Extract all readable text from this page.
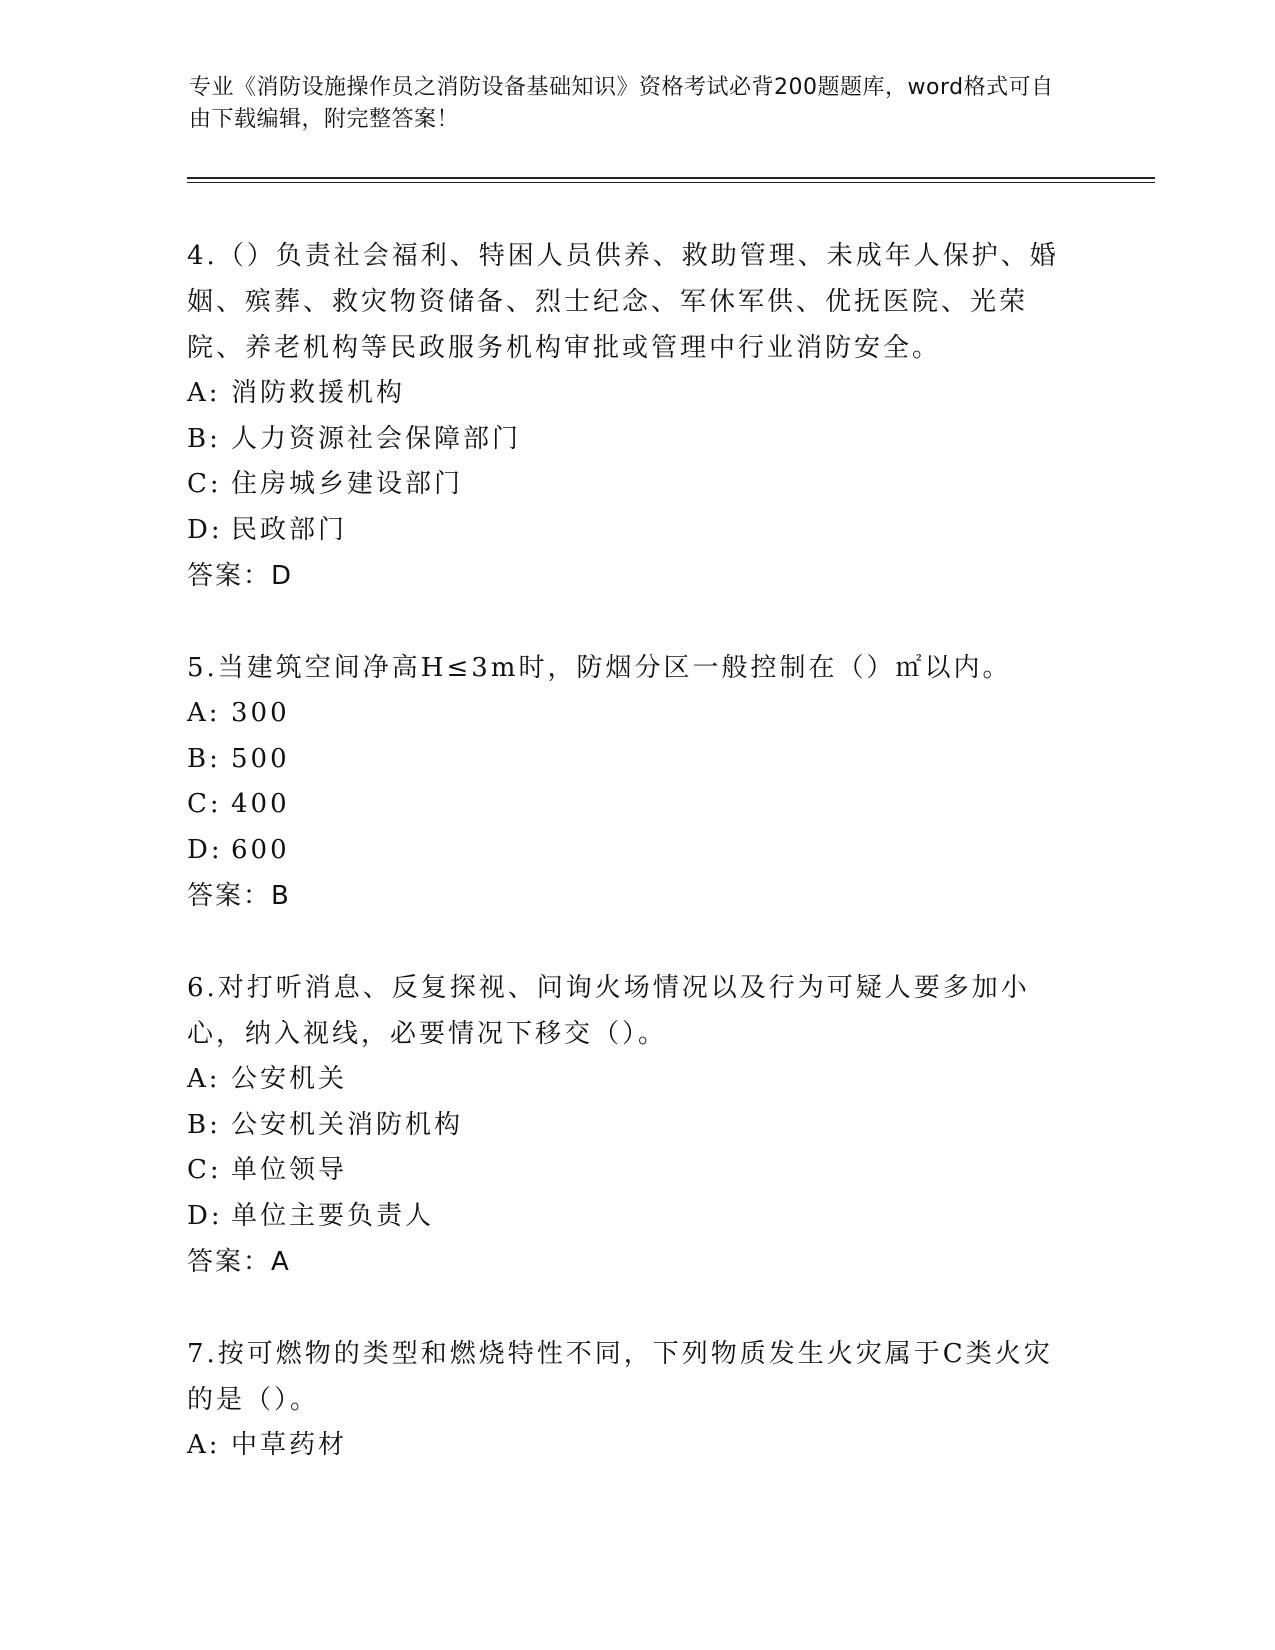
专业《消防设施操作员之消防设备基础知识》资格考试必背200题题库，word格式可自由下载编辑，附完整答案！

4.（）负责社会福利、特困人员供养、救助管理、未成年人保护、婚姻、殡葬、救灾物资储备、烈士纪念、军休军供、优抚医院、光荣院、养老机构等民政服务机构审批或管理中行业消防安全。

A: 消防救援机构

B: 人力资源社会保障部门

C: 住房城乡建设部门

D: 民政部门

答案：D

5.当建筑空间净高H≤3m时，防烟分区一般控制在（）㎡以内。

A: 300

B: 500

C: 400

D: 600

答案：B

6.对打听消息、反复探视、问询火场情况以及行为可疑人要多加小心，纳入视线，必要情况下移交（）。

A: 公安机关

B: 公安机关消防机构

C: 单位领导

D: 单位主要负责人

答案：A

7.按可燃物的类型和燃烧特性不同，下列物质发生火灾属于C类火灾的是（）。

A: 中草药材
